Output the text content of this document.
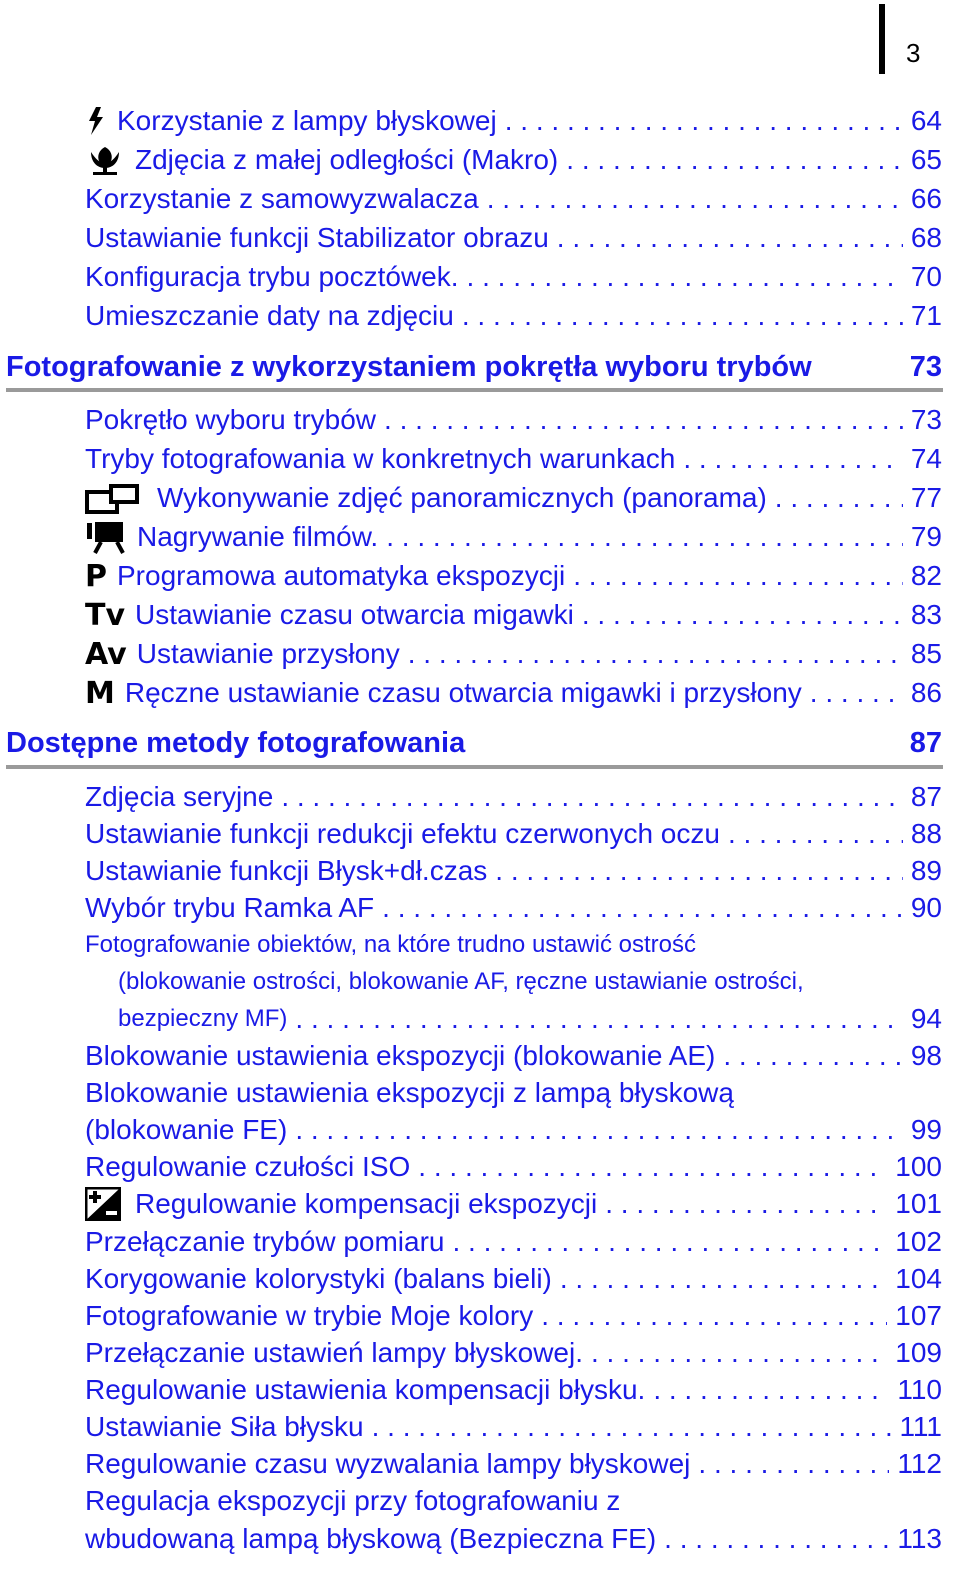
3
Korzystanie z lampy błyskowej . . .	64
Zdjęcia z małej odległości (Makro) . . .	65
Korzystanie z samowyzwalacza . . .	66
Ustawianie funkcji Stabilizator obrazu . . .	68
Konfiguracja trybu pocztówek. . . .	70
Umieszczanie daty na zdjęciu . . .	71
Fotografowanie z wykorzystaniem pokrętła wyboru trybów	73
Pokrętło wyboru trybów . . .	73
Tryby fotografowania w konkretnych warunkach . . .	74
Wykonywanie zdjęć panoramicznych (panorama) . . .	77
Nagrywanie filmów. . . .	79
P Programowa automatyka ekspozycji . . .	82
Tv Ustawianie czasu otwarcia migawki . . .	83
Av Ustawianie przysłony . . .	85
M Ręczne ustawianie czasu otwarcia migawki i przysłony . . .	86
Dostępne metody fotografowania	87
Zdjęcia seryjne . . .	87
Ustawianie funkcji redukcji efektu czerwonych oczu . . .	88
Ustawianie funkcji Błysk+dł.czas . . .	89
Wybór trybu Ramka AF . . .	90
Fotografowanie obiektów, na które trudno ustawić ostrość
(blokowanie ostrości, blokowanie AF, ręczne ustawianie ostrości,
bezpieczny MF) . . .	94
Blokowanie ustawienia ekspozycji (blokowanie AE) . . .	98
Blokowanie ustawienia ekspozycji z lampą błyskową
(blokowanie FE) . . .	99
Regulowanie czułości ISO . . .	100
Regulowanie kompensacji ekspozycji . . .	101
Przełączanie trybów pomiaru . . .	102
Korygowanie kolorystyki (balans bieli) . . .	104
Fotografowanie w trybie Moje kolory . . .	107
Przełączanie ustawień lampy błyskowej. . . .	109
Regulowanie ustawienia kompensacji błysku. . . .	110
Ustawianie Siła błysku . . .	111
Regulowanie czasu wyzwalania lampy błyskowej . . .	112
Regulacja ekspozycji przy fotografowaniu z
wbudowaną lampą błyskową (Bezpieczna FE) . . .	113
